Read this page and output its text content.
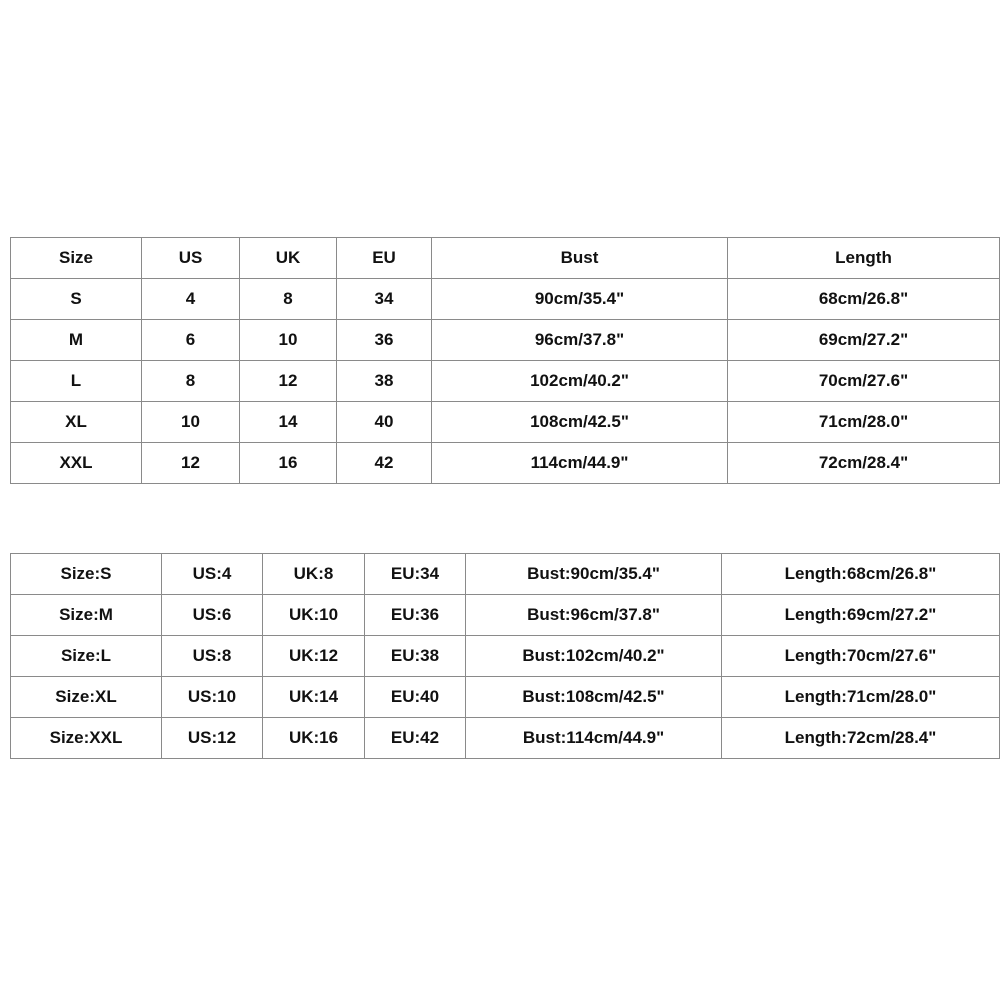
Size	US	UK	EU	Bust	Length
S	4	8	34	90cm/35.4"	68cm/26.8"
M	6	10	36	96cm/37.8"	69cm/27.2"
L	8	12	38	102cm/40.2"	70cm/27.6"
XL	10	14	40	108cm/42.5"	71cm/28.0"
XXL	12	16	42	114cm/44.9"	72cm/28.4"
Size:S	US:4	UK:8	EU:34	Bust:90cm/35.4"	Length:68cm/26.8"
Size:M	US:6	UK:10	EU:36	Bust:96cm/37.8"	Length:69cm/27.2"
Size:L	US:8	UK:12	EU:38	Bust:102cm/40.2"	Length:70cm/27.6"
Size:XL	US:10	UK:14	EU:40	Bust:108cm/42.5"	Length:71cm/28.0"
Size:XXL	US:12	UK:16	EU:42	Bust:114cm/44.9"	Length:72cm/28.4"
